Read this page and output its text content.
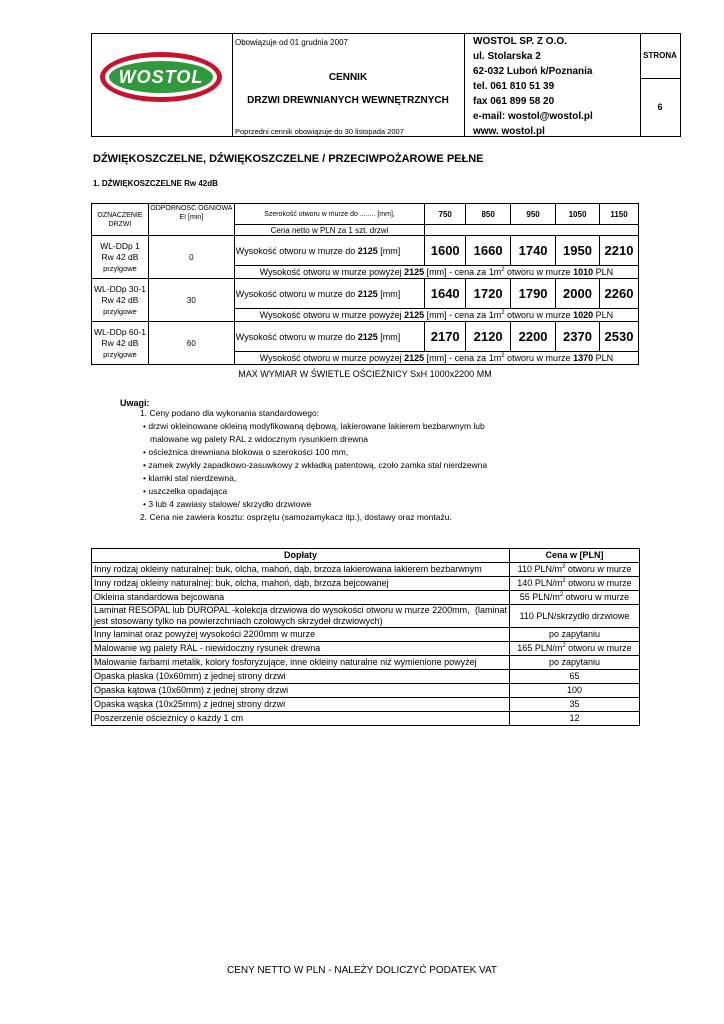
WOSTOL
Obowiązuje od 01 grudnia 2007
CENNIK
DRZWI DREWNIANYCH WEWNĘTRZNYCH
Poprzedni cennik obowiązuje do 30 listopada 2007
WOSTOL SP. Z O.O.
ul. Stolarska 2
62-032 Luboń k/Poznania
tel. 061 810 51 39
fax 061 899 58 20
e-mail: wostol@wostol.pl
www. wostol.pl
STRONA
6
DŹWIĘKOSZCZELNE, DŹWIĘKOSZCZELNE / PRZECIWPOŻAROWE PEŁNE
1. DŹWIĘKOSZCZELNE Rw 42dB
OZNACZENIE DRZWI	ODPORNOŚĆ OGNIOWA EI [min]	Szerokość otworu w murze do ........ [mm],	750	850	950	1050	1150
		Cena netto w PLN za 1 szt. drzwi					

WL-DDp 1
Rw 42 dB
przylgowe	0	Wysokość otworu w murze do 2125 [mm]	1600	1660	1740	1950	2210
		Wysokość otworu w murze powyżej 2125 [mm] - cena za $1m^2$ otworu w murze 1010 PLN					

WL-DDp 30-1
Rw 42 dB
przylgowe	30	Wysokość otworu w murze do 2125 [mm]	1640	1720	1790	2000	2260
		Wysokość otworu w murze powyżej 2125 [mm] - cena za $1m^2$ otworu w murze 1020 PLN					

WL-DDp 60-1
Rw 42 dB
przylgowe	60	Wysokość otworu w murze do 2125 [mm]	2170	2120	2200	2370	2530
		Wysokość otworu w murze powyżej 2125 [mm] - cena za $1m^2$ otworu w murze 1370 PLN					
MAX WYMIAR W ŚWIETLE OŚCIEŻNICY SxH 1000x2200 MM
Uwagi:
1. Ceny podano dla wykonania standardowego:
• drzwi okleinowane okleiną modyfikowaną dębową, lakierowane lakierem bezbarwnym lub
malowane wg palety RAL z widocznym rysunkiem drewna
• ościeżnica drewniana blokowa o szerokości 100 mm,
• zamek zwykły zapadkowo-zasuwkowy z wkładką patentową, czoło zamka stal nierdzewna
• klamki stal nierdzewna,
• uszczelka opadająca
• 3 lub 4 zawiasy stalowe/ skrzydło drzwiowe
2. Cena nie zawiera kosztu: osprzętu (samozamykacz itp.), dostawy oraz montażu.
Dopłaty	Cena w [PLN]
Inny rodzaj okleiny naturalnej: buk, olcha, mahoń, dąb, brzoza lakierowana lakierem bezbarwnym	110 PLN/$m^2$ otworu w murze
Inny rodzaj okleiny naturalnej: buk, olcha, mahoń, dąb, brzoza bejcowanej	140 PLN/$m^2$ otworu w murze
Okleina standardowa bejcowana	55 PLN/$m^2$ otworu w murze

Laminat RESOPAL lub DUROPAL -kolekcja drzwiowa do wysokości otworu w murze 2200mm, (laminat
jest stosowany tylko na powierzchniach czołowych skrzydeł drzwiowych)	110 PLN/skrzydło drzwiowe
Inny laminat oraz powyżej wysokości 2200mm w murze	po zapytaniu
Malowanie wg palety RAL - niewidoczny rysunek drewna	165 PLN/$m^2$ otworu w murze
Malowanie farbami metalik, kolory fosforyzujące, inne okleiny naturalne niż wymienione powyżej	po zapytaniu
Opaska płaska (10x60mm) z jednej strony drzwi	65
Opaska kątowa (10x60mm) z jednej strony drzwi	100
Opaska wąska (10x25mm) z jednej strony drzwi	35
Poszerzenie ościeżnicy o każdy 1 cm	12
CENY NETTO W PLN - NALEŻY DOLICZYĆ PODATEK VAT
